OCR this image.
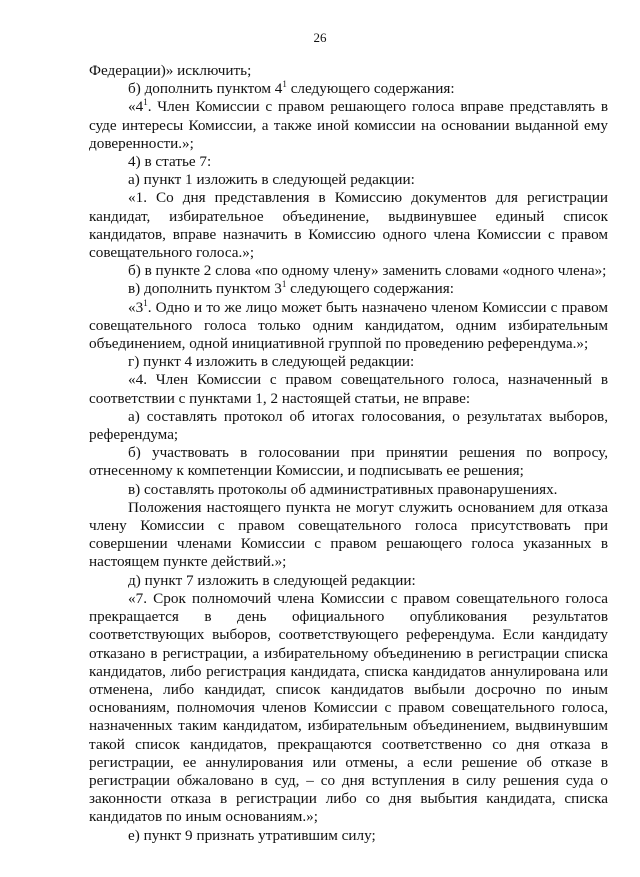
26

Федерации)» исключить;

б) дополнить пунктом $4^1$ следующего содержания:

«$4^1$. Член Комиссии с правом решающего голоса вправе представлять в суде интересы Комиссии, а также иной комиссии на основании выданной ему доверенности.»;

4) в статье 7:

а) пункт 1 изложить в следующей редакции:

«1. Со дня представления в Комиссию документов для регистрации кандидат, избирательное объединение, выдвинувшее единый список кандидатов, вправе назначить в Комиссию одного члена Комиссии с правом совещательного голоса.»;

б) в пункте 2 слова «по одному члену» заменить словами «одного члена»;

в) дополнить пунктом $3^1$ следующего содержания:

«$3^1$. Одно и то же лицо может быть назначено членом Комиссии с правом совещательного голоса только одним кандидатом, одним избирательным объединением, одной инициативной группой по проведению референдума.»;

г) пункт 4 изложить в следующей редакции:

«4. Член Комиссии с правом совещательного голоса, назначенный в соответствии с пунктами 1, 2 настоящей статьи, не вправе:

а) составлять протокол об итогах голосования, о результатах выборов, референдума;

б) участвовать в голосовании при принятии решения по вопросу, отнесенному к компетенции Комиссии, и подписывать ее решения;

в) составлять протоколы об административных правонарушениях.

Положения настоящего пункта не могут служить основанием для отказа члену Комиссии с правом совещательного голоса присутствовать при совершении членами Комиссии с правом решающего голоса указанных в настоящем пункте действий.»;

д) пункт 7 изложить в следующей редакции:

«7. Срок полномочий члена Комиссии с правом совещательного голоса прекращается в день официального опубликования результатов соответствующих выборов, соответствующего референдума. Если кандидату отказано в регистрации, а избирательному объединению в регистрации списка кандидатов, либо регистрация кандидата, списка кандидатов аннулирована или отменена, либо кандидат, список кандидатов выбыли досрочно по иным основаниям, полномочия членов Комиссии с правом совещательного голоса, назначенных таким кандидатом, избирательным объединением, выдвинувшим такой список кандидатов, прекращаются соответственно со дня отказа в регистрации, ее аннулирования или отмены, а если решение об отказе в регистрации обжаловано в суд, – со дня вступления в силу решения суда о законности отказа в регистрации либо со дня выбытия кандидата, списка кандидатов по иным основаниям.»;

е) пункт 9 признать утратившим силу;
